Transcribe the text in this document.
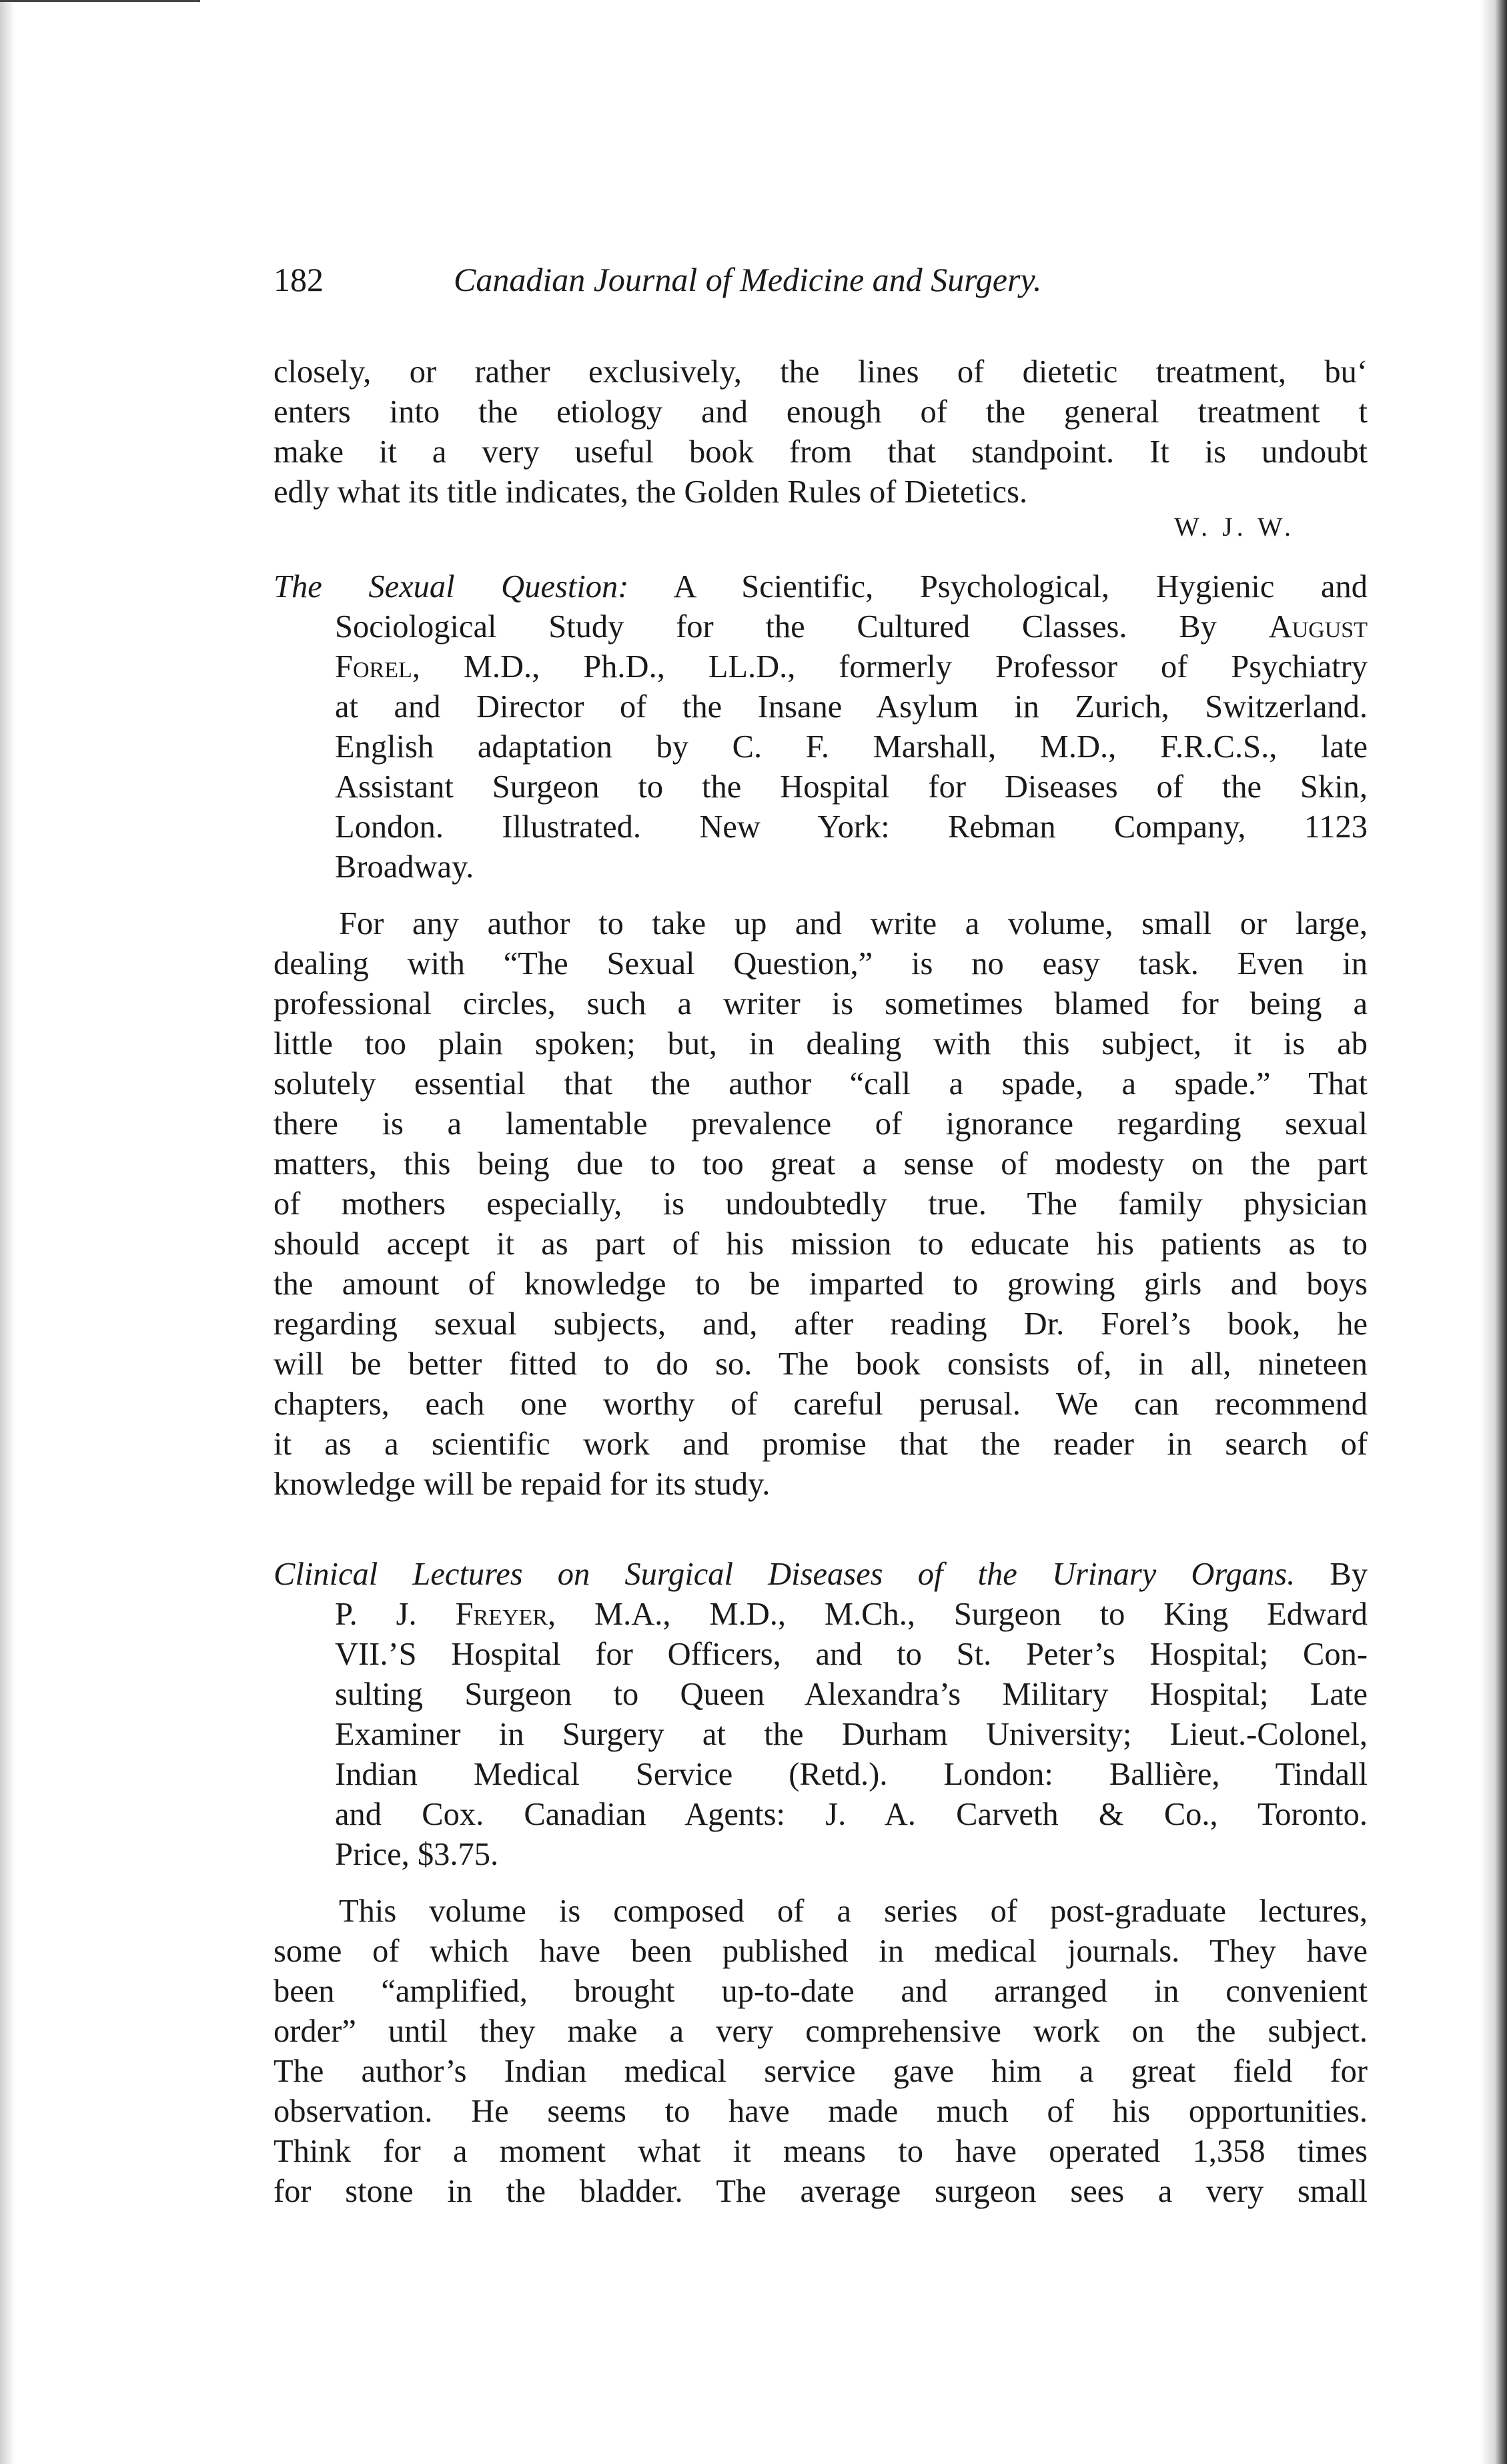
182	Canadian Journal of Medicine and Surgery.
closely, or rather exclusively, the lines of dietetic treatment, bu‘
enters into the etiology and enough of the general treatment t
make it a very useful book from that standpoint. It is undoubt
edly what its title indicates, the Golden Rules of Dietetics.
W. J. W.
The Sexual Question: A Scientific, Psychological, Hygienic and
Sociological Study for the Cultured Classes. By August
Forel, M.D., Ph.D., LL.D., formerly Professor of Psychiatry
at and Director of the Insane Asylum in Zurich, Switzerland.
English adaptation by C. F. Marshall, M.D., F.R.C.S., late
Assistant Surgeon to the Hospital for Diseases of the Skin,
London. Illustrated. New York: Rebman Company, 1123
Broadway.
For any author to take up and write a volume, small or large,
dealing with “The Sexual Question,” is no easy task. Even in
professional circles, such a writer is sometimes blamed for being a
little too plain spoken; but, in dealing with this subject, it is ab
solutely essential that the author “call a spade, a spade.” That
there is a lamentable prevalence of ignorance regarding sexual
matters, this being due to too great a sense of modesty on the part
of mothers especially, is undoubtedly true. The family physician
should accept it as part of his mission to educate his patients as to
the amount of knowledge to be imparted to growing girls and boys
regarding sexual subjects, and, after reading Dr. Forel’s book, he
will be better fitted to do so. The book consists of, in all, nineteen
chapters, each one worthy of careful perusal. We can recommend
it as a scientific work and promise that the reader in search of
knowledge will be repaid for its study.
Clinical Lectures on Surgical Diseases of the Urinary Organs. By
P. J. Freyer, M.A., M.D., M.Ch., Surgeon to King Edward
VII.’S Hospital for Officers, and to St. Peter’s Hospital; Con-
sulting Surgeon to Queen Alexandra’s Military Hospital; Late
Examiner in Surgery at the Durham University; Lieut.-Colonel,
Indian Medical Service (Retd.). London: Ballière, Tindall
and Cox. Canadian Agents: J. A. Carveth & Co., Toronto.
Price, $3.75.
This volume is composed of a series of post-graduate lectures,
some of which have been published in medical journals. They have
been “amplified, brought up-to-date and arranged in convenient
order” until they make a very comprehensive work on the subject.
The author’s Indian medical service gave him a great field for
observation. He seems to have made much of his opportunities.
Think for a moment what it means to have operated 1,358 times
for stone in the bladder. The average surgeon sees a very small
